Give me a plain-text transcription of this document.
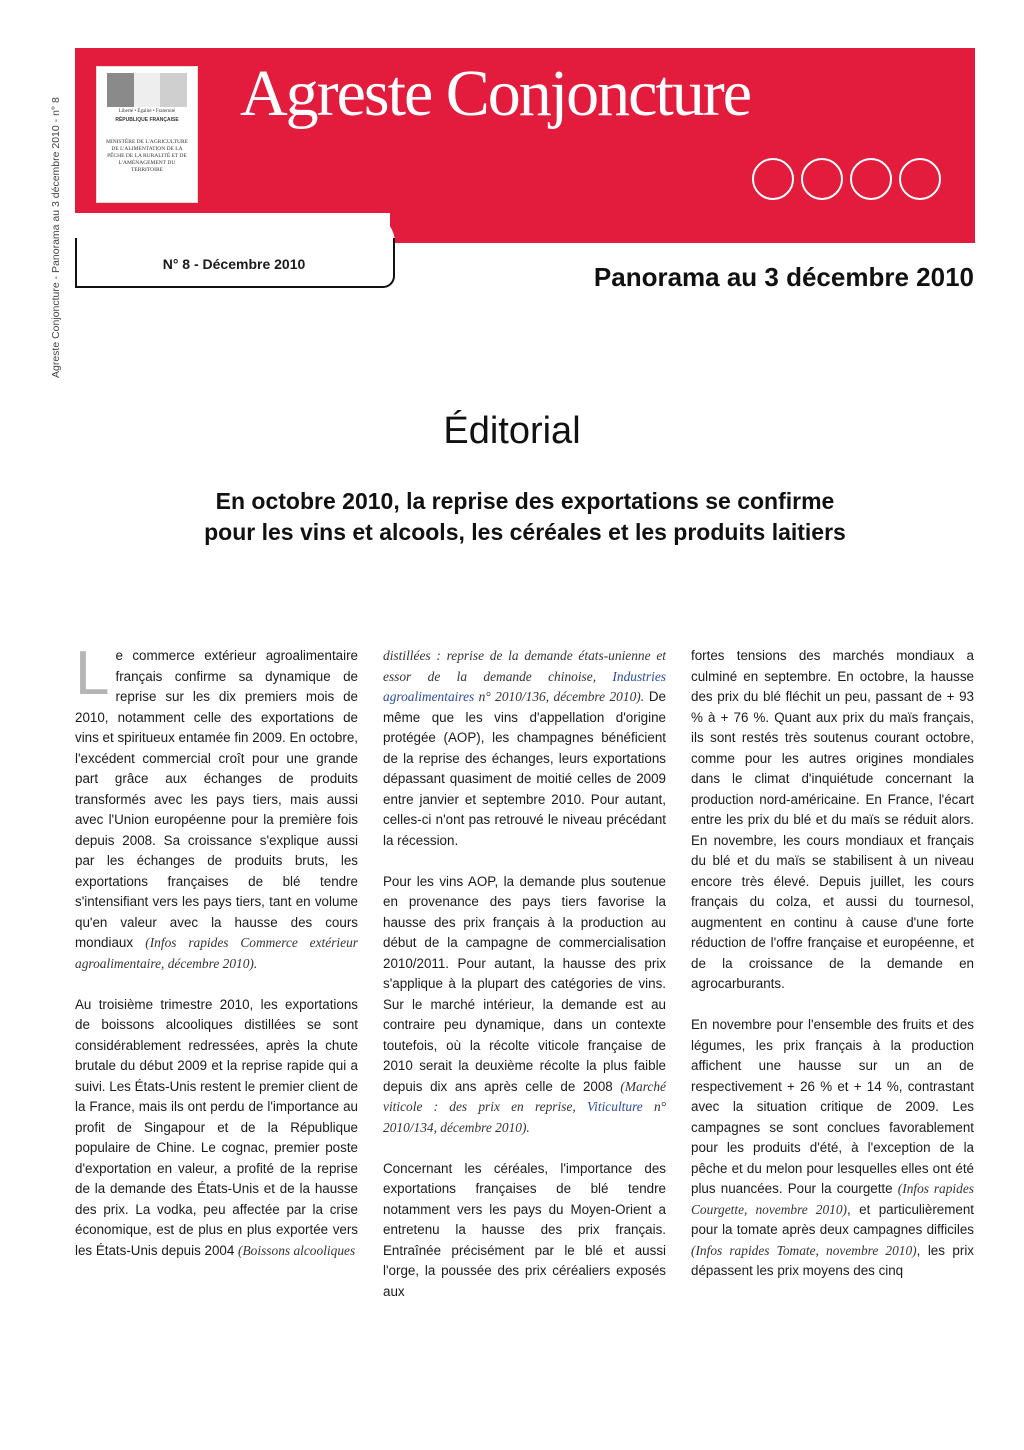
Agreste Conjoncture - Panorama au 3 décembre 2010 - n° 8	Liberté • Égalité • Fraternité
RÉPUBLIQUE FRANÇAISE
MINISTÈRE DE L'AGRICULTURE DE L'ALIMENTATION DE LA PÊCHE DE LA RURALITÉ ET DE L'AMÉNAGEMENT DU TERRITOIRE
Agreste Conjoncture
N° 8 - Décembre 2010	Panorama au 3 décembre 2010
Éditorial
En octobre 2010, la reprise des exportations se confirme
pour les vins et alcools, les céréales et les produits laitiers

Le commerce extérieur agroalimentaire français confirme sa dynamique de reprise sur les dix premiers mois de 2010, notamment celle des exportations de vins et spiritueux entamée fin 2009. En octobre, l'excédent commercial croît pour une grande part grâce aux échanges de produits transformés avec les pays tiers, mais aussi avec l'Union européenne pour la première fois depuis 2008. Sa croissance s'explique aussi par les échanges de produits bruts, les exportations françaises de blé tendre s'intensifiant vers les pays tiers, tant en volume qu'en valeur avec la hausse des cours mondiaux (Infos rapides Commerce extérieur agroalimentaire, décembre 2010).

Au troisième trimestre 2010, les exportations de boissons alcooliques distillées se sont considérablement redressées, après la chute brutale du début 2009 et la reprise rapide qui a suivi. Les États-Unis restent le premier client de la France, mais ils ont perdu de l'importance au profit de Singapour et de la République populaire de Chine. Le cognac, premier poste d'exportation en valeur, a profité de la reprise de la demande des États-Unis et de la hausse des prix. La vodka, peu affectée par la crise économique, est de plus en plus exportée vers les États-Unis depuis 2004 (Boissons alcooliques

distillées : reprise de la demande états-unienne et essor de la demande chinoise, Industries agroalimentaires n° 2010/136, décembre 2010). De même que les vins d'appellation d'origine protégée (AOP), les champagnes bénéficient de la reprise des échanges, leurs exportations dépassant quasiment de moitié celles de 2009 entre janvier et septembre 2010. Pour autant, celles-ci n'ont pas retrouvé le niveau précédant la récession.

Pour les vins AOP, la demande plus soutenue en provenance des pays tiers favorise la hausse des prix français à la production au début de la campagne de commercialisation 2010/2011. Pour autant, la hausse des prix s'applique à la plupart des catégories de vins. Sur le marché intérieur, la demande est au contraire peu dynamique, dans un contexte toutefois, où la récolte viticole française de 2010 serait la deuxième récolte la plus faible depuis dix ans après celle de 2008 (Marché viticole : des prix en reprise, Viticulture n° 2010/134, décembre 2010).

Concernant les céréales, l'importance des exportations françaises de blé tendre notamment vers les pays du Moyen-Orient a entretenu la hausse des prix français. Entraînée précisément par le blé et aussi l'orge, la poussée des prix céréaliers exposés aux

fortes tensions des marchés mondiaux a culminé en septembre. En octobre, la hausse des prix du blé fléchit un peu, passant de + 93 % à + 76 %. Quant aux prix du maïs français, ils sont restés très soutenus courant octobre, comme pour les autres origines mondiales dans le climat d'inquiétude concernant la production nord-américaine. En France, l'écart entre les prix du blé et du maïs se réduit alors. En novembre, les cours mondiaux et français du blé et du maïs se stabilisent à un niveau encore très élevé. Depuis juillet, les cours français du colza, et aussi du tournesol, augmentent en continu à cause d'une forte réduction de l'offre française et européenne, et de la croissance de la demande en agrocarburants.

En novembre pour l'ensemble des fruits et des légumes, les prix français à la production affichent une hausse sur un an de respectivement + 26 % et + 14 %, contrastant avec la situation critique de 2009. Les campagnes se sont conclues favorablement pour les produits d'été, à l'exception de la pêche et du melon pour lesquelles elles ont été plus nuancées. Pour la courgette (Infos rapides Courgette, novembre 2010), et particulièrement pour la tomate après deux campagnes difficiles (Infos rapides Tomate, novembre 2010), les prix dépassent les prix moyens des cinq
